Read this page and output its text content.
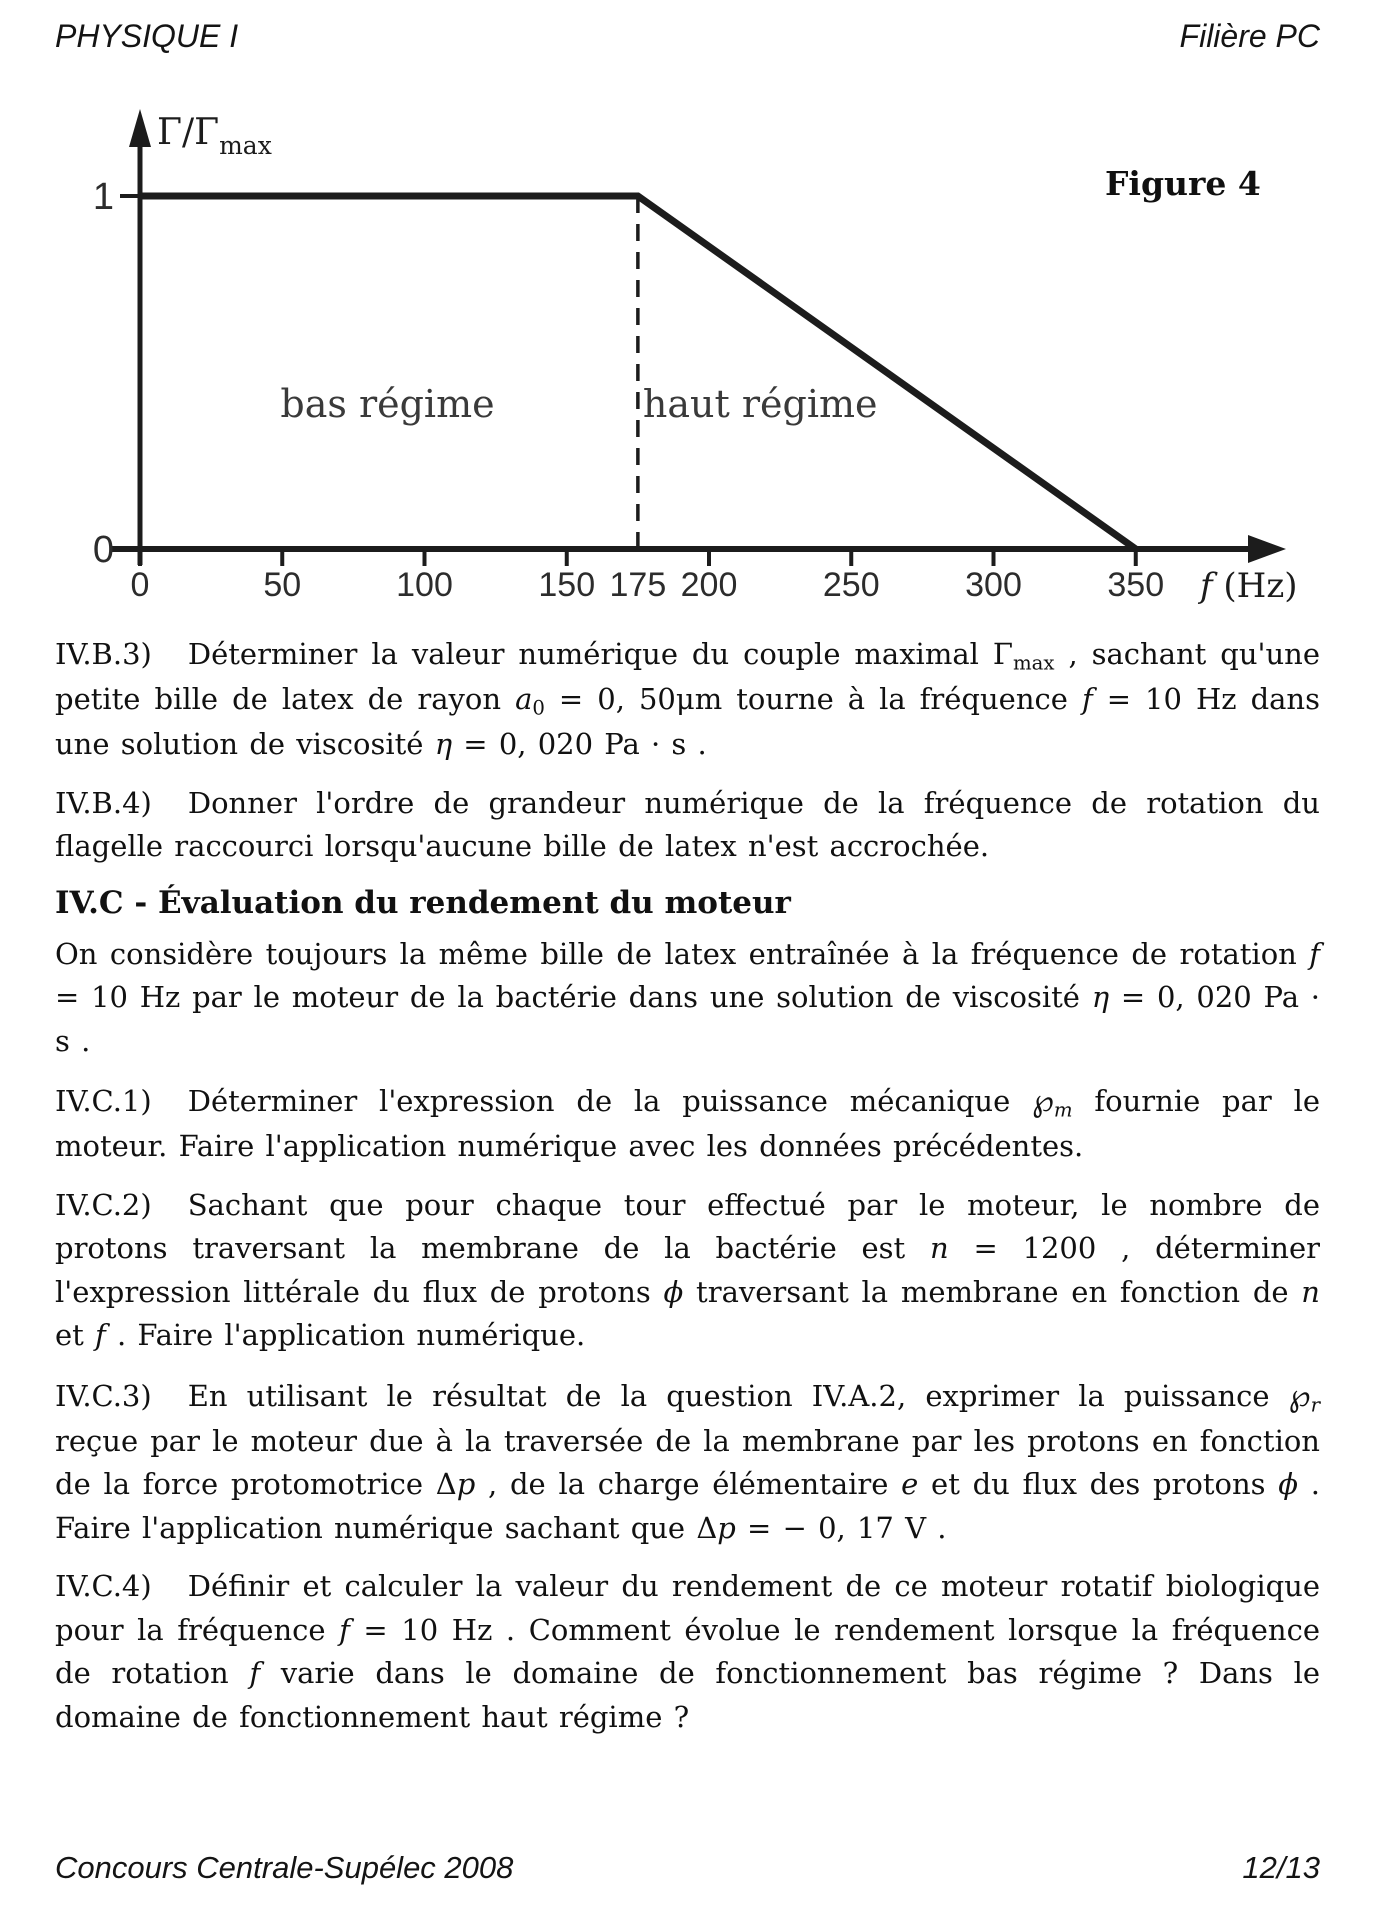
PHYSIQUE I	Filière PC
0	50	100	150 175 200	250	300	350
1
0
$\Gamma/\Gamma_{max}$
f (Hz)
bas régime	haut régime
Figure 4

IV.B.3) Déterminer la valeur numérique du couple maximal $\Gamma_{max}$ , sachant qu'une petite bille de latex de rayon $a_0 = 0$, 50μm tourne à la fréquence f = 10 Hz dans une solution de viscosité η = 0, 020 Pa · s .

IV.B.4) Donner l'ordre de grandeur numérique de la fréquence de rotation du flagelle raccourci lorsqu'aucune bille de latex n'est accrochée.

IV.C - Évaluation du rendement du moteur

On considère toujours la même bille de latex entraînée à la fréquence de rotation f = 10 Hz par le moteur de la bactérie dans une solution de viscosité η = 0, 020 Pa · s .

IV.C.1) Déterminer l'expression de la puissance mécanique ℘m fournie par le moteur. Faire l'application numérique avec les données précédentes.

IV.C.2) Sachant que pour chaque tour effectué par le moteur, le nombre de protons traversant la membrane de la bactérie est n = 1200 , déterminer l'expression littérale du flux de protons ϕ traversant la membrane en fonction de n et f . Faire l'application numérique.

IV.C.3) En utilisant le résultat de la question IV.A.2, exprimer la puissance ℘r reçue par le moteur due à la traversée de la membrane par les protons en fonction de la force protomotrice Δp , de la charge élémentaire e et du flux des protons ϕ . Faire l'application numérique sachant que Δp = − 0, 17 V .

IV.C.4) Définir et calculer la valeur du rendement de ce moteur rotatif biologique pour la fréquence f = 10 Hz . Comment évolue le rendement lorsque la fréquence de rotation f varie dans le domaine de fonctionnement bas régime ? Dans le domaine de fonctionnement haut régime ?

Concours Centrale-Supélec 2008	12/13
